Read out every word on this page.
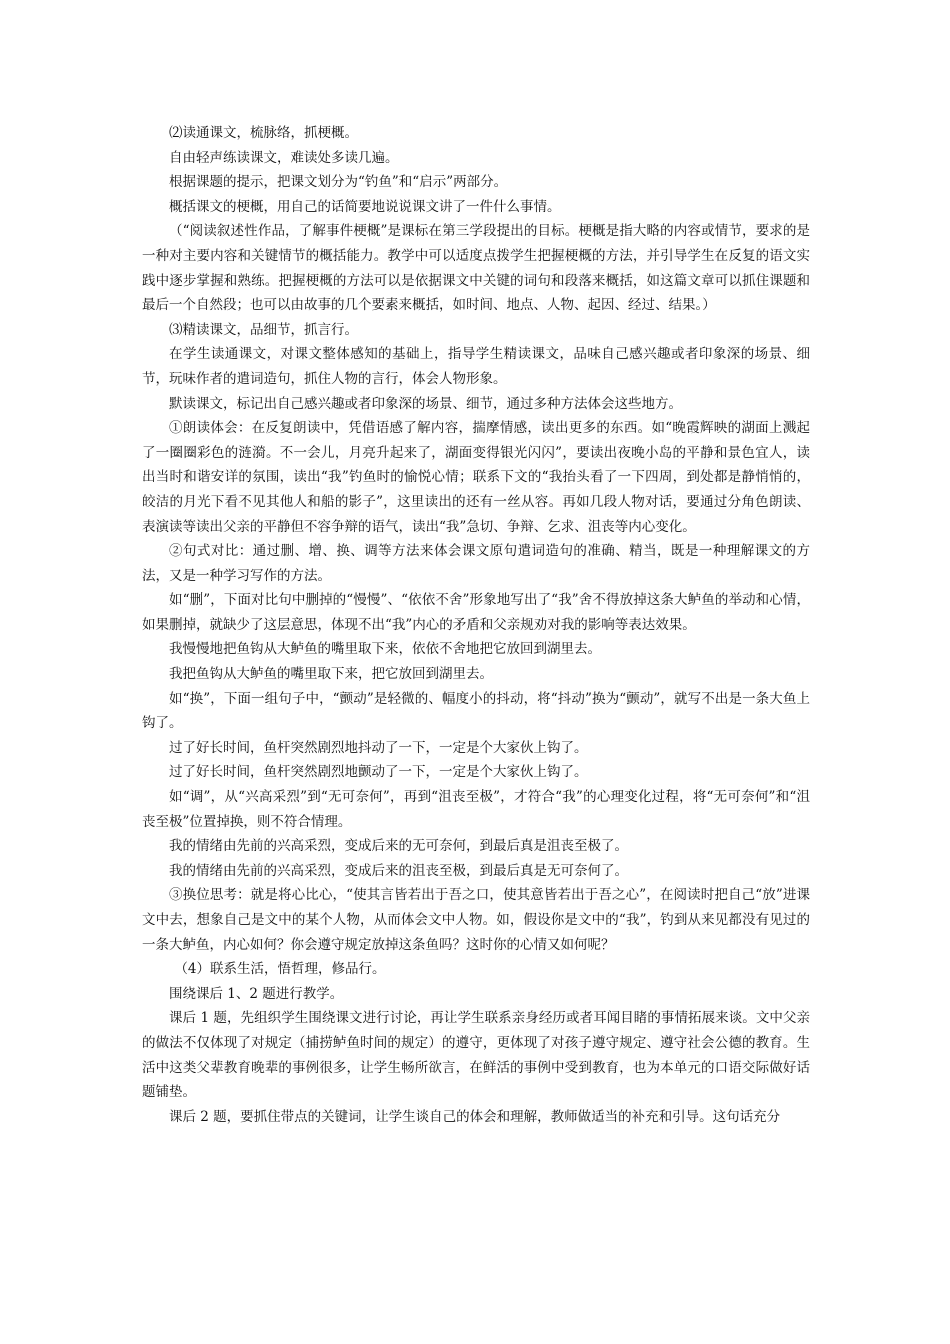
⑵读通课文，梳脉络，抓梗概。

自由轻声练读课文，难读处多读几遍。

根据课题的提示，把课文划分为“钓鱼”和“启示”两部分。

概括课文的梗概，用自己的话简要地说说课文讲了一件什么事情。

（“阅读叙述性作品，了解事件梗概”是课标在第三学段提出的目标。梗概是指大略的内容或情节，要求的是一种对主要内容和关键情节的概括能力。教学中可以适度点拨学生把握梗概的方法，并引导学生在反复的语文实践中逐步掌握和熟练。把握梗概的方法可以是依据课文中关键的词句和段落来概括，如这篇文章可以抓住课题和最后一个自然段；也可以由故事的几个要素来概括，如时间、地点、人物、起因、经过、结果。）

⑶精读课文，品细节，抓言行。

在学生读通课文，对课文整体感知的基础上，指导学生精读课文，品味自己感兴趣或者印象深的场景、细节，玩味作者的遣词造句，抓住人物的言行，体会人物形象。

默读课文，标记出自己感兴趣或者印象深的场景、细节，通过多种方法体会这些地方。

①朗读体会：在反复朗读中，凭借语感了解内容，揣摩情感，读出更多的东西。如“晚霞辉映的湖面上溅起了一圈圈彩色的涟漪。不一会儿，月亮升起来了，湖面变得银光闪闪”，要读出夜晚小岛的平静和景色宜人，读出当时和谐安详的氛围，读出“我”钓鱼时的愉悦心情；联系下文的“我抬头看了一下四周，到处都是静悄悄的，皎洁的月光下看不见其他人和船的影子”，这里读出的还有一丝从容。再如几段人物对话，要通过分角色朗读、表演读等读出父亲的平静但不容争辩的语气，读出“我”急切、争辩、乞求、沮丧等内心变化。

②句式对比：通过删、增、换、调等方法来体会课文原句遣词造句的准确、精当，既是一种理解课文的方法，又是一种学习写作的方法。

如“删”，下面对比句中删掉的“慢慢”、“依依不舍”形象地写出了“我”舍不得放掉这条大鲈鱼的举动和心情，如果删掉，就缺少了这层意思，体现不出“我”内心的矛盾和父亲规劝对我的影响等表达效果。

我慢慢地把鱼钩从大鲈鱼的嘴里取下来，依依不舍地把它放回到湖里去。

我把鱼钩从大鲈鱼的嘴里取下来，把它放回到湖里去。

如“换”，下面一组句子中，“颤动”是轻微的、幅度小的抖动，将“抖动”换为“颤动”，就写不出是一条大鱼上钩了。

过了好长时间，鱼杆突然剧烈地抖动了一下，一定是个大家伙上钩了。

过了好长时间，鱼杆突然剧烈地颤动了一下，一定是个大家伙上钩了。

如“调”，从“兴高采烈”到“无可奈何”，再到“沮丧至极”，才符合“我”的心理变化过程，将“无可奈何”和“沮丧至极”位置掉换，则不符合情理。

我的情绪由先前的兴高采烈，变成后来的无可奈何，到最后真是沮丧至极了。

我的情绪由先前的兴高采烈，变成后来的沮丧至极，到最后真是无可奈何了。

③换位思考：就是将心比心，“使其言皆若出于吾之口，使其意皆若出于吾之心”，在阅读时把自己“放”进课文中去，想象自己是文中的某个人物，从而体会文中人物。如，假设你是文中的“我”，钓到从来见都没有见过的一条大鲈鱼，内心如何？你会遵守规定放掉这条鱼吗？这时你的心情又如何呢？

（4）联系生活，悟哲理，修品行。

围绕课后 1、2 题进行教学。

课后 1 题，先组织学生围绕课文进行讨论，再让学生联系亲身经历或者耳闻目睹的事情拓展来谈。文中父亲的做法不仅体现了对规定（捕捞鲈鱼时间的规定）的遵守，更体现了对孩子遵守规定、遵守社会公德的教育。生活中这类父辈教育晚辈的事例很多，让学生畅所欲言，在鲜活的事例中受到教育，也为本单元的口语交际做好话题铺垫。

课后 2 题，要抓住带点的关键词，让学生谈自己的体会和理解，教师做适当的补充和引导。这句话充分
